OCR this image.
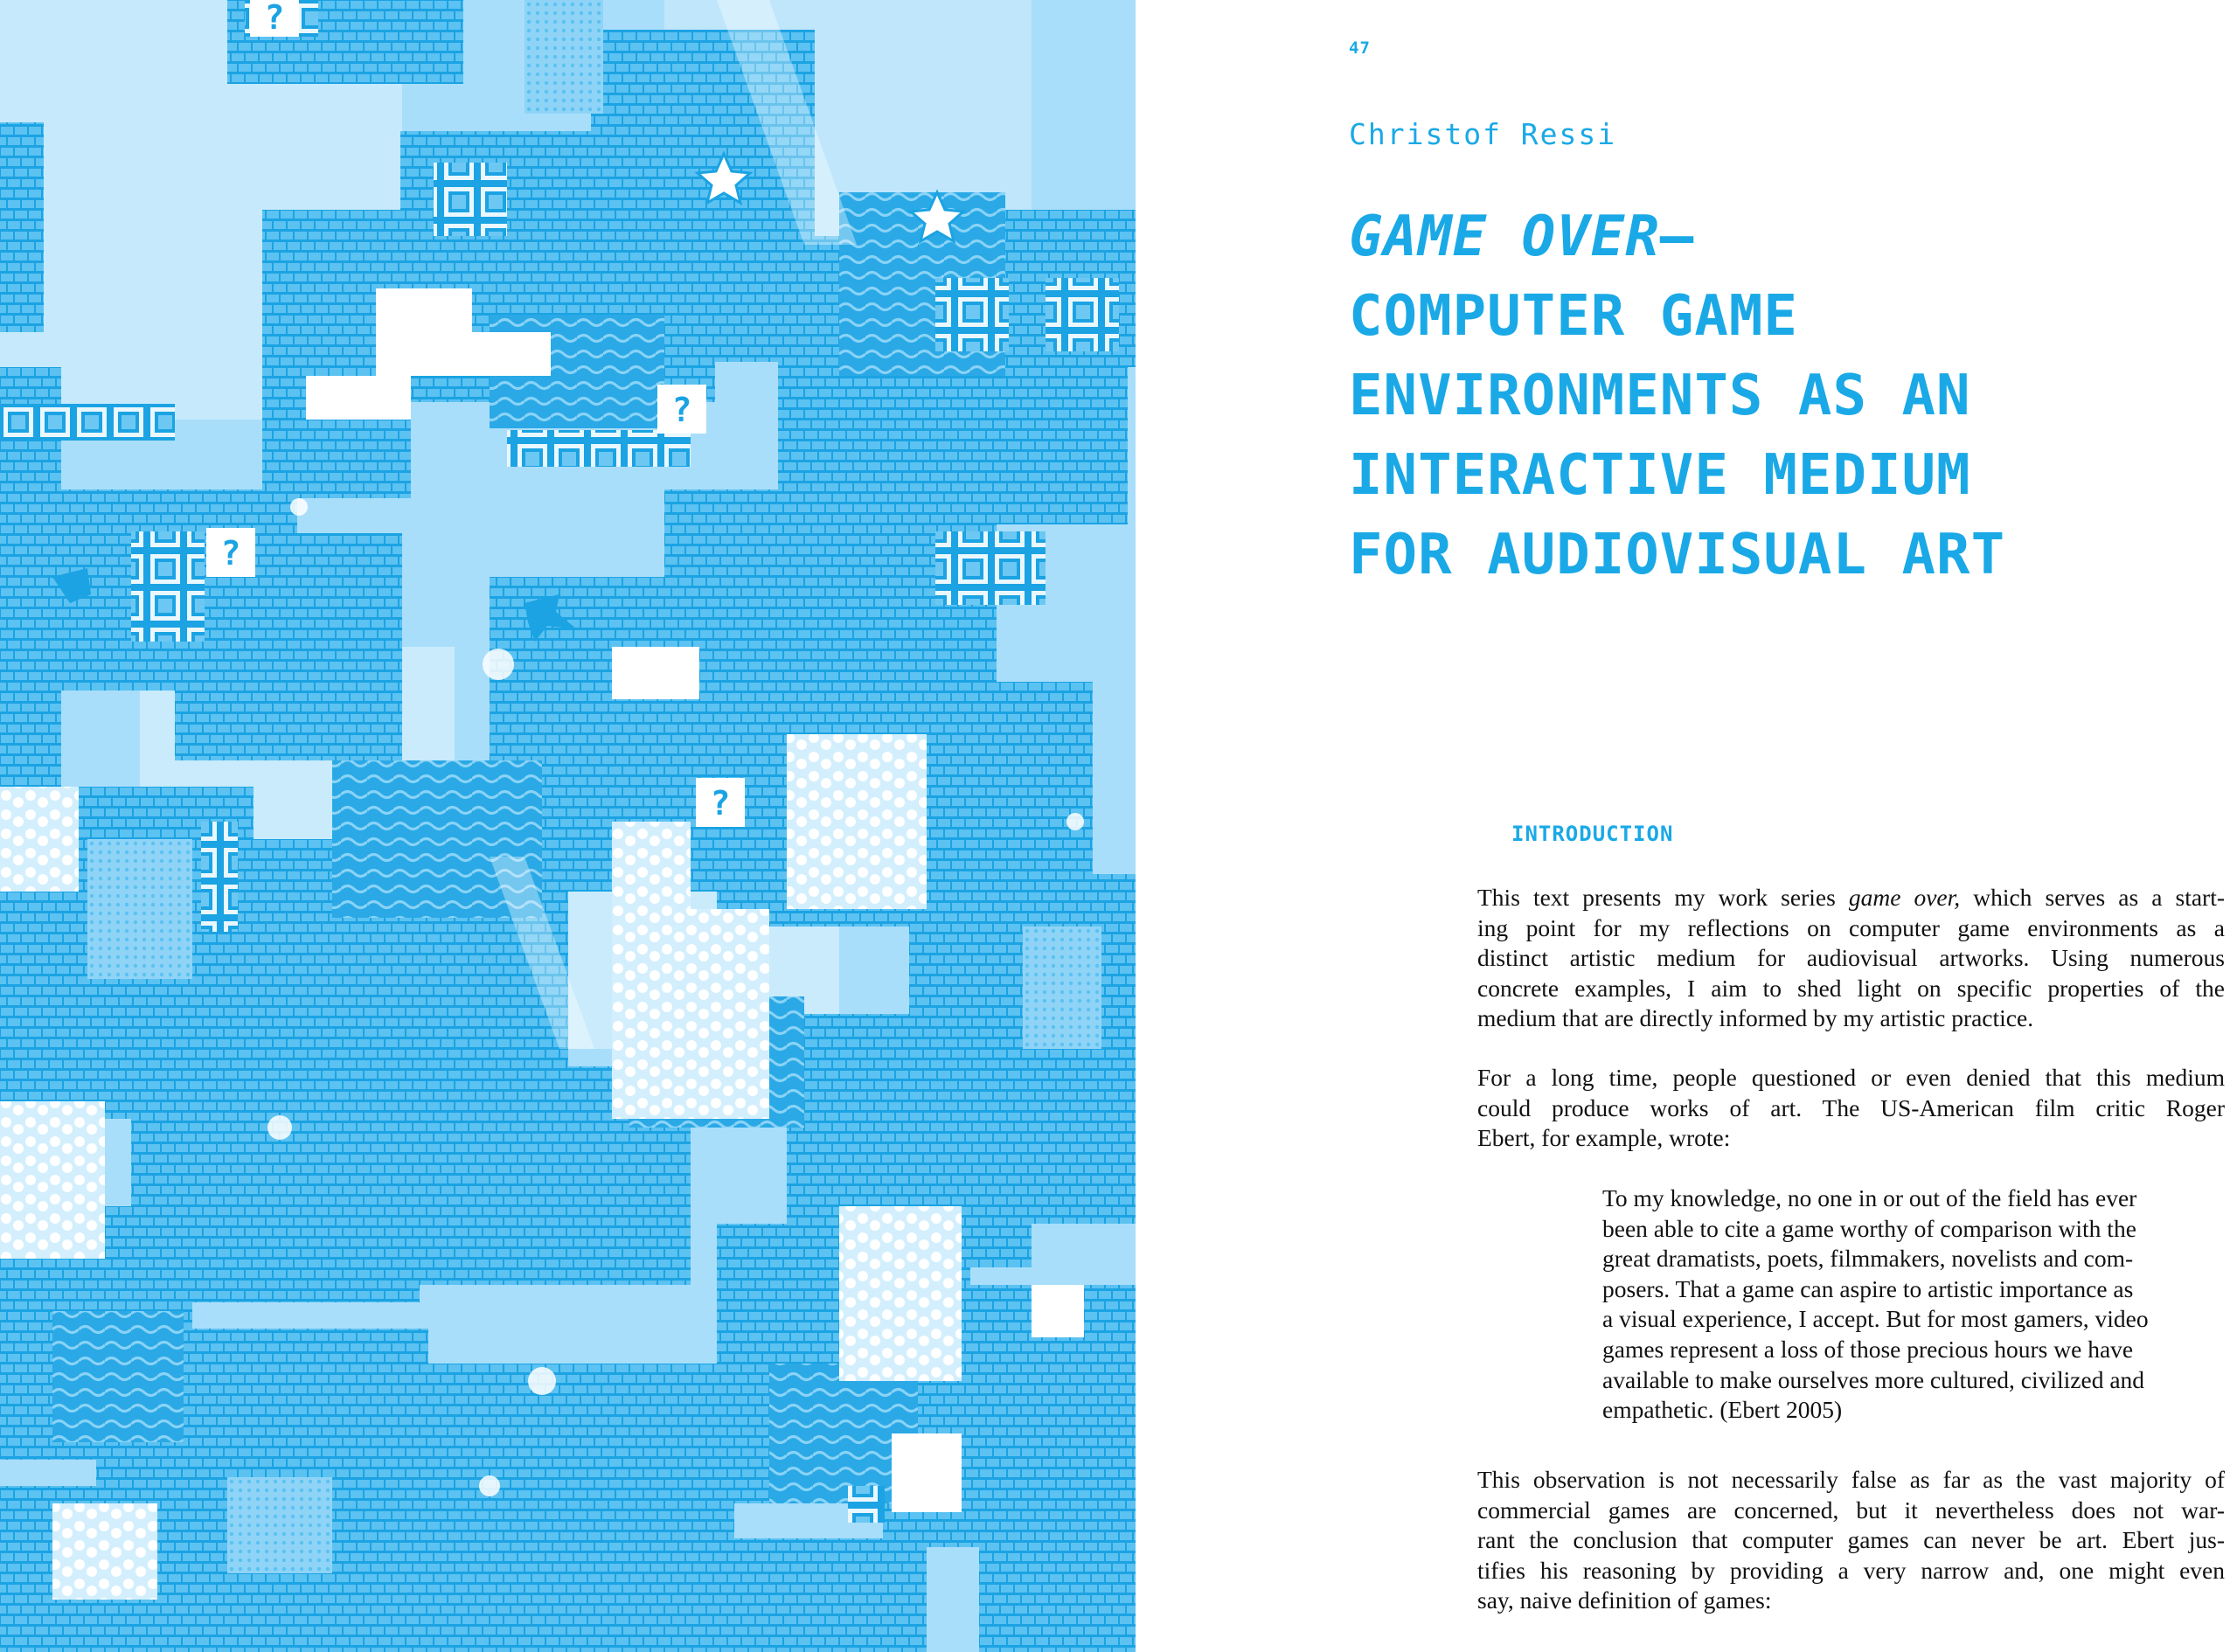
?
?
?
?
47
Christof Ressi
GAME OVER—
COMPUTER GAME
ENVIRONMENTS AS AN
INTERACTIVE MEDIUM
FOR AUDIOVISUAL ART
INTRODUCTION
This text presents my work series game over, which serves as a start-
ing point for my reflections on computer game environments as a
distinct artistic medium for audiovisual artworks. Using numerous
concrete examples, I aim to shed light on specific properties of the
medium that are directly informed by my artistic practice.
For a long time, people questioned or even denied that this medium
could produce works of art. The US-American film critic Roger
Ebert, for example, wrote:
To my knowledge, no one in or out of the field has ever
been able to cite a game worthy of comparison with the
great dramatists, poets, filmmakers, novelists and com-
posers. That a game can aspire to artistic importance as
a visual experience, I accept. But for most gamers, video
games represent a loss of those precious hours we have
available to make ourselves more cultured, civilized and
empathetic. (Ebert 2005)
This observation is not necessarily false as far as the vast majority of
commercial games are concerned, but it nevertheless does not war-
rant the conclusion that computer games can never be art. Ebert jus-
tifies his reasoning by providing a very narrow and, one might even
say, naive definition of games:
